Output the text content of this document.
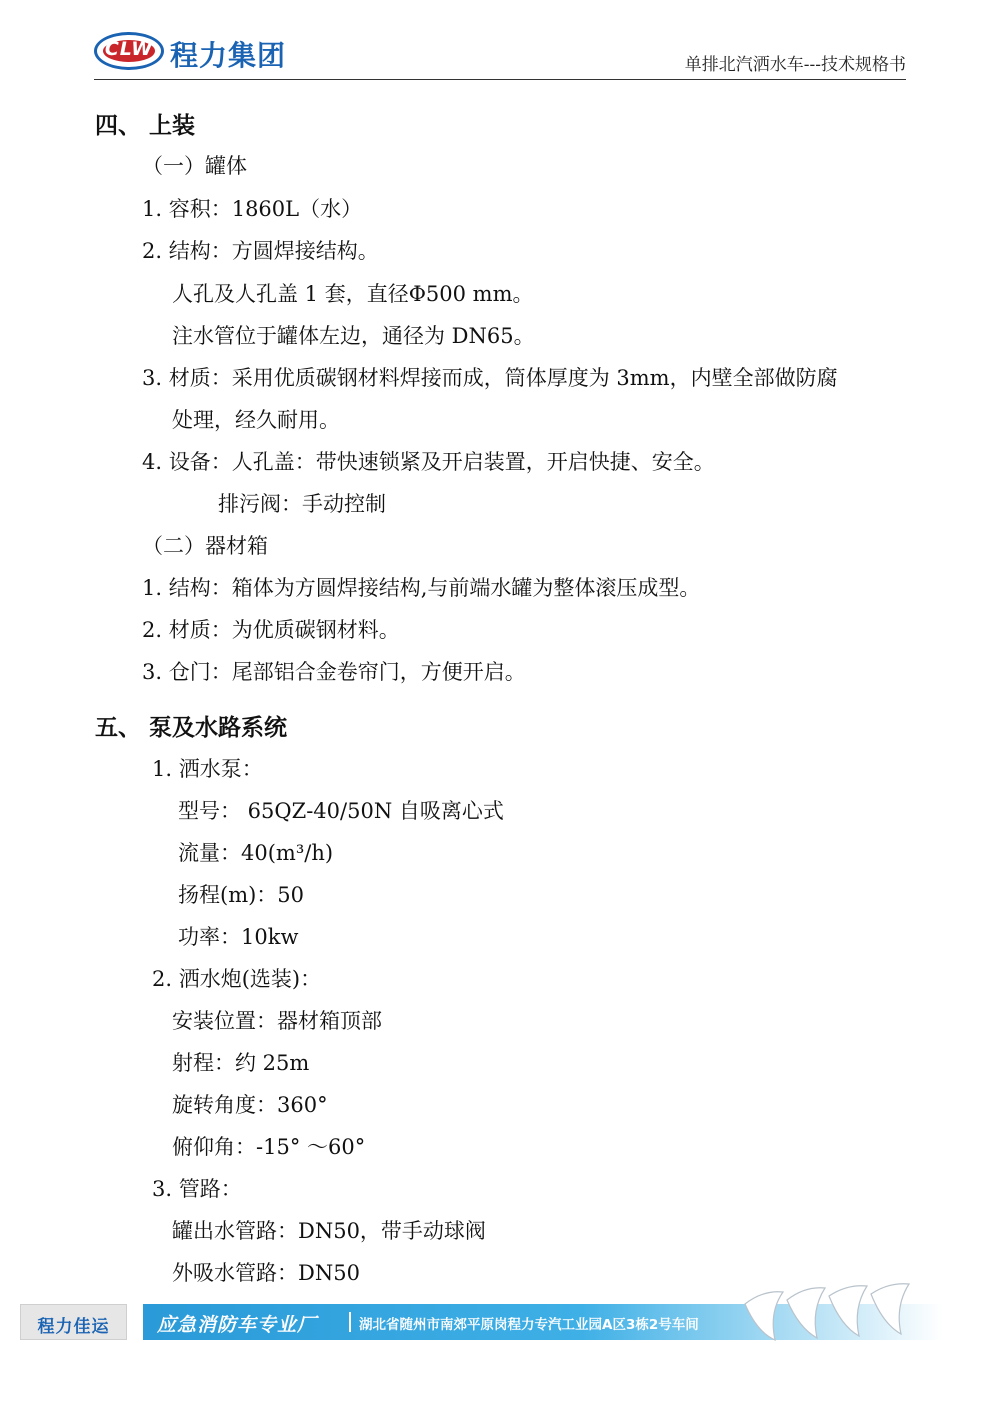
CLW 程力集团	单排北汽洒水车---技术规格书
四、 上装
（一）罐体
1. 容积：1860L（水）
2. 结构：方圆焊接结构。
人孔及人孔盖 1 套，直径Φ500 mm。
注水管位于罐体左边，通径为 DN65。
3. 材质：采用优质碳钢材料焊接而成，筒体厚度为 3mm，内壁全部做防腐
处理，经久耐用。
4. 设备：人孔盖：带快速锁紧及开启装置，开启快捷、安全。
排污阀：手动控制
（二）器材箱
1. 结构：箱体为方圆焊接结构,与前端水罐为整体滚压成型。
2. 材质：为优质碳钢材料。
3. 仓门：尾部铝合金卷帘门，方便开启。
五、 泵及水路系统
1. 洒水泵：
型号： 65QZ-40/50N 自吸离心式
流量：40(m³/h)
扬程(m)：50
功率：10kw
2. 洒水炮(选装)：
安装位置：器材箱顶部
射程：约 25m
旋转角度：360°
俯仰角：-15° ～60°
3. 管路：
罐出水管路：DN50，带手动球阀
外吸水管路：DN50
程力佳运	应急消防车专业厂	湖北省随州市南郊平原岗程力专汽工业园A区3栋2号车间
